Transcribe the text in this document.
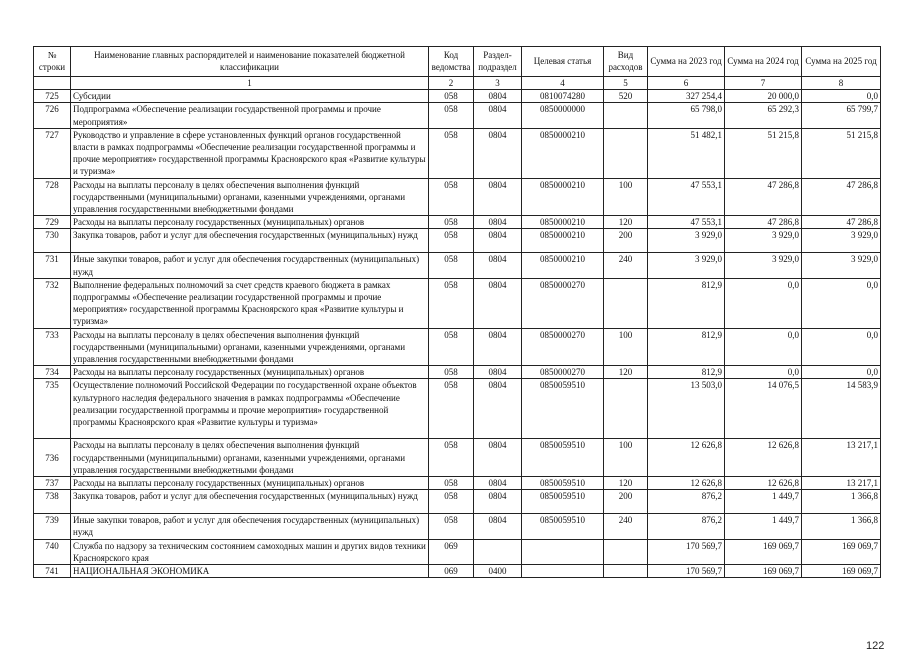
№ строки	Наименование главных распорядителей и наименование показателей бюджетной классификации	Код ведомства	Раздел-подраздел	Целевая статья	Вид расходов	Сумма на 2023 год	Сумма на 2024 год	Сумма на 2025 год
	1	2	3	4	5	6	7	8
725	Субсидии	058	0804	0810074280	520	327 254,4	20 000,0	0,0
726	Подпрограмма «Обеспечение реализации государственной программы и прочие мероприятия»	058	0804	0850000000		65 798,0	65 292,3	65 799,7
727	Руководство и управление в сфере установленных функций органов государственной власти в рамках подпрограммы «Обеспечение реализации государственной программы и прочие мероприятия» государственной программы Красноярского края «Развитие культуры и туризма»	058	0804	0850000210		51 482,1	51 215,8	51 215,8
728	Расходы на выплаты персоналу в целях обеспечения выполнения функций государственными (муниципальными) органами, казенными учреждениями, органами управления государственными внебюджетными фондами	058	0804	0850000210	100	47 553,1	47 286,8	47 286,8
729	Расходы на выплаты персоналу государственных (муниципальных) органов	058	0804	0850000210	120	47 553,1	47 286,8	47 286,8
730	Закупка товаров, работ и услуг для обеспечения государственных (муниципальных) нужд	058	0804	0850000210	200	3 929,0	3 929,0	3 929,0
731	Иные закупки товаров, работ и услуг для обеспечения государственных (муниципальных) нужд	058	0804	0850000210	240	3 929,0	3 929,0	3 929,0
732	Выполнение федеральных полномочий за счет средств краевого бюджета в рамках подпрограммы «Обеспечение реализации государственной программы и прочие мероприятия» государственной программы Красноярского края «Развитие культуры и туризма»	058	0804	0850000270		812,9	0,0	0,0
733	Расходы на выплаты персоналу в целях обеспечения выполнения функций государственными (муниципальными) органами, казенными учреждениями, органами управления государственными внебюджетными фондами	058	0804	0850000270	100	812,9	0,0	0,0
734	Расходы на выплаты персоналу государственных (муниципальных) органов	058	0804	0850000270	120	812,9	0,0	0,0
735	Осуществление полномочий Российской Федерации по государственной охране объектов культурного наследия федерального значения в рамках подпрограммы «Обеспечение реализации государственной программы и прочие мероприятия» государственной программы Красноярского края «Развитие культуры и туризма»	058	0804	0850059510		13 503,0	14 076,5	14 583,9
736	Расходы на выплаты персоналу в целях обеспечения выполнения функций государственными (муниципальными) органами, казенными учреждениями, органами управления государственными внебюджетными фондами	058	0804	0850059510	100	12 626,8	12 626,8	13 217,1
737	Расходы на выплаты персоналу государственных (муниципальных) органов	058	0804	0850059510	120	12 626,8	12 626,8	13 217,1
738	Закупка товаров, работ и услуг для обеспечения государственных (муниципальных) нужд	058	0804	0850059510	200	876,2	1 449,7	1 366,8
739	Иные закупки товаров, работ и услуг для обеспечения государственных (муниципальных) нужд	058	0804	0850059510	240	876,2	1 449,7	1 366,8
740	Служба по надзору за техническим состоянием самоходных машин и других видов техники Красноярского края	069				170 569,7	169 069,7	169 069,7
741	НАЦИОНАЛЬНАЯ ЭКОНОМИКА	069	0400			170 569,7	169 069,7	169 069,7
122
